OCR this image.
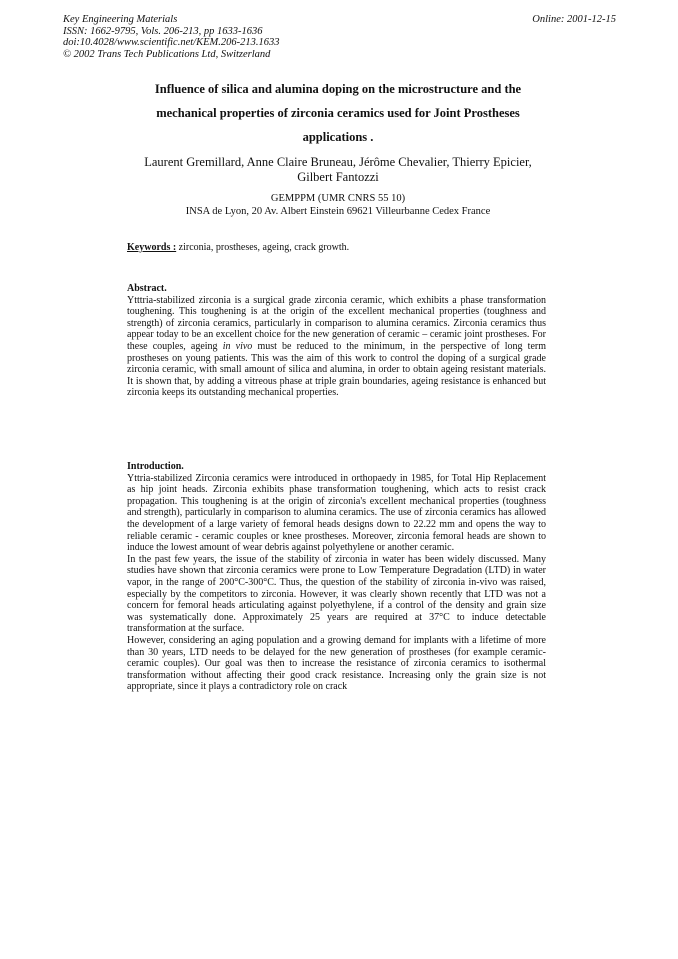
Key Engineering Materials
ISSN: 1662-9795, Vols. 206-213, pp 1633-1636
doi:10.4028/www.scientific.net/KEM.206-213.1633
© 2002 Trans Tech Publications Ltd, Switzerland
Online: 2001-12-15
Influence of silica and alumina doping on the microstructure and the
mechanical properties of zirconia ceramics used for Joint Prostheses
applications .
Laurent Gremillard, Anne Claire Bruneau, Jérôme Chevalier, Thierry Epicier,
Gilbert Fantozzi
GEMPPM (UMR CNRS 55 10)
INSA de Lyon, 20 Av. Albert Einstein 69621 Villeurbanne Cedex France
Keywords : zirconia, prostheses, ageing, crack growth.
Abstract.

Ytttria-stabilized zirconia is a surgical grade zirconia ceramic, which exhibits a phase transformation toughening. This toughening is at the origin of the excellent mechanical properties (toughness and strength) of zirconia ceramics, particularly in comparison to alumina ceramics. Zirconia ceramics thus appear today to be an excellent choice for the new generation of ceramic – ceramic joint prostheses. For these couples, ageing in vivo must be reduced to the minimum, in the perspective of long term prostheses on young patients. This was the aim of this work to control the doping of a surgical grade zirconia ceramic, with small amount of silica and alumina, in order to obtain ageing resistant materials. It is shown that, by adding a vitreous phase at triple grain boundaries, ageing resistance is enhanced but zirconia keeps its outstanding mechanical properties.

Introduction.

Yttria-stabilized Zirconia ceramics were introduced in orthopaedy in 1985, for Total Hip Replacement as hip joint heads. Zirconia exhibits phase transformation toughening, which acts to resist crack propagation. This toughening is at the origin of zirconia's excellent mechanical properties (toughness and strength), particularly in comparison to alumina ceramics. The use of zirconia ceramics has allowed the development of a large variety of femoral heads designs down to 22.22 mm and opens the way to reliable ceramic - ceramic couples or knee prostheses. Moreover, zirconia femoral heads are shown to induce the lowest amount of wear debris against polyethylene or another ceramic.

In the past few years, the issue of the stability of zirconia in water has been widely discussed. Many studies have shown that zirconia ceramics were prone to Low Temperature Degradation (LTD) in water vapor, in the range of 200°C-300°C. Thus, the question of the stability of zirconia in-vivo was raised, especially by the competitors to zirconia. However, it was clearly shown recently that LTD was not a concern for femoral heads articulating against polyethylene, if a control of the density and grain size was systematically done. Approximately 25 years are required at 37°C to induce detectable transformation at the surface.

However, considering an aging population and a growing demand for implants with a lifetime of more than 30 years, LTD needs to be delayed for the new generation of prostheses (for example ceramic-ceramic couples). Our goal was then to increase the resistance of zirconia ceramics to isothermal transformation without affecting their good crack resistance. Increasing only the grain size is not appropriate, since it plays a contradictory role on crack
